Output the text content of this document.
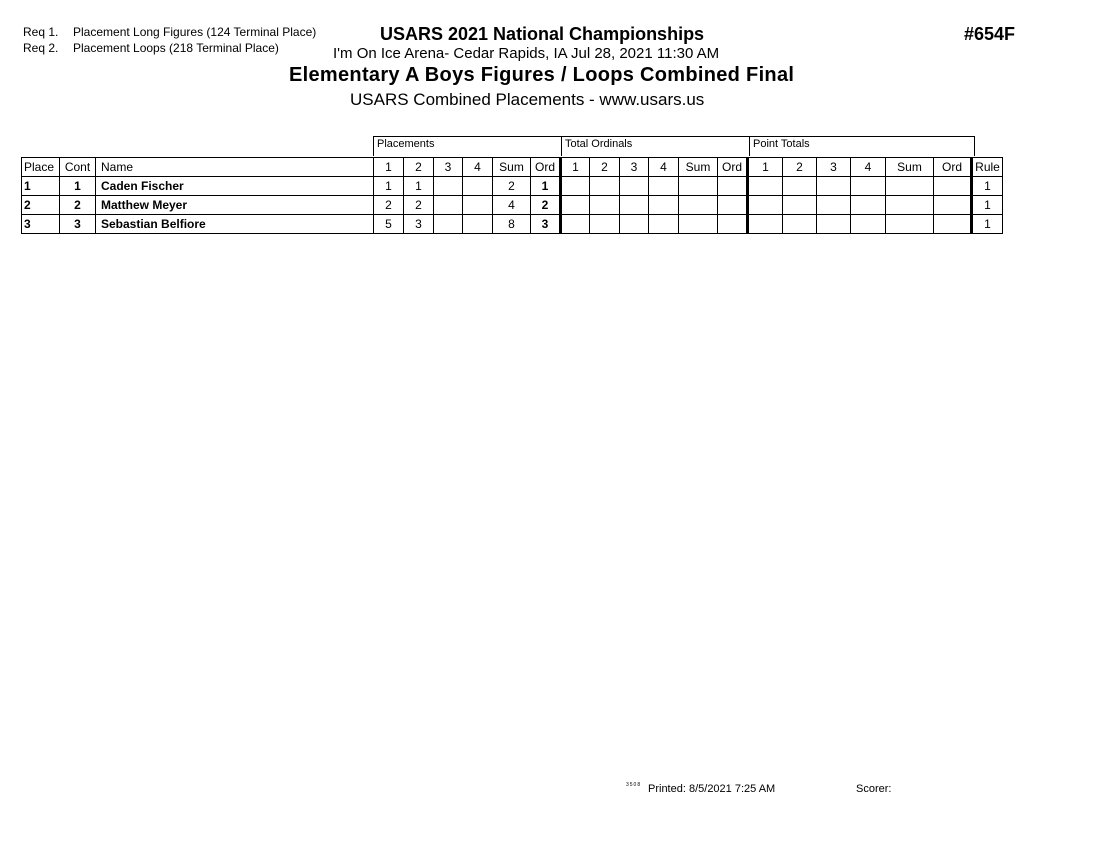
Req 1. Placement Long Figures (124 Terminal Place)
Req 2. Placement Loops (218 Terminal Place)
USARS 2021 National Championships	#654F
I'm On Ice Arena- Cedar Rapids, IA Jul 28, 2021 11:30 AM
Elementary A Boys Figures / Loops Combined Final
USARS Combined Placements - www.usars.us
Placements	Total Ordinals	Point Totals
Place	Cont	Name	1	2	3	4	Sum	Ord	1	2	3	4	Sum	Ord	1	2	3	4	Sum	Ord	Rule
1	1	Caden Fischer	1	1			2	1													1
2	2	Matthew Meyer	2	2			4	2													1
3	3	Sebastian Belfiore	5	3			8	3													1
3508 Printed: 8/5/2021 7:25 AM	Scorer:
